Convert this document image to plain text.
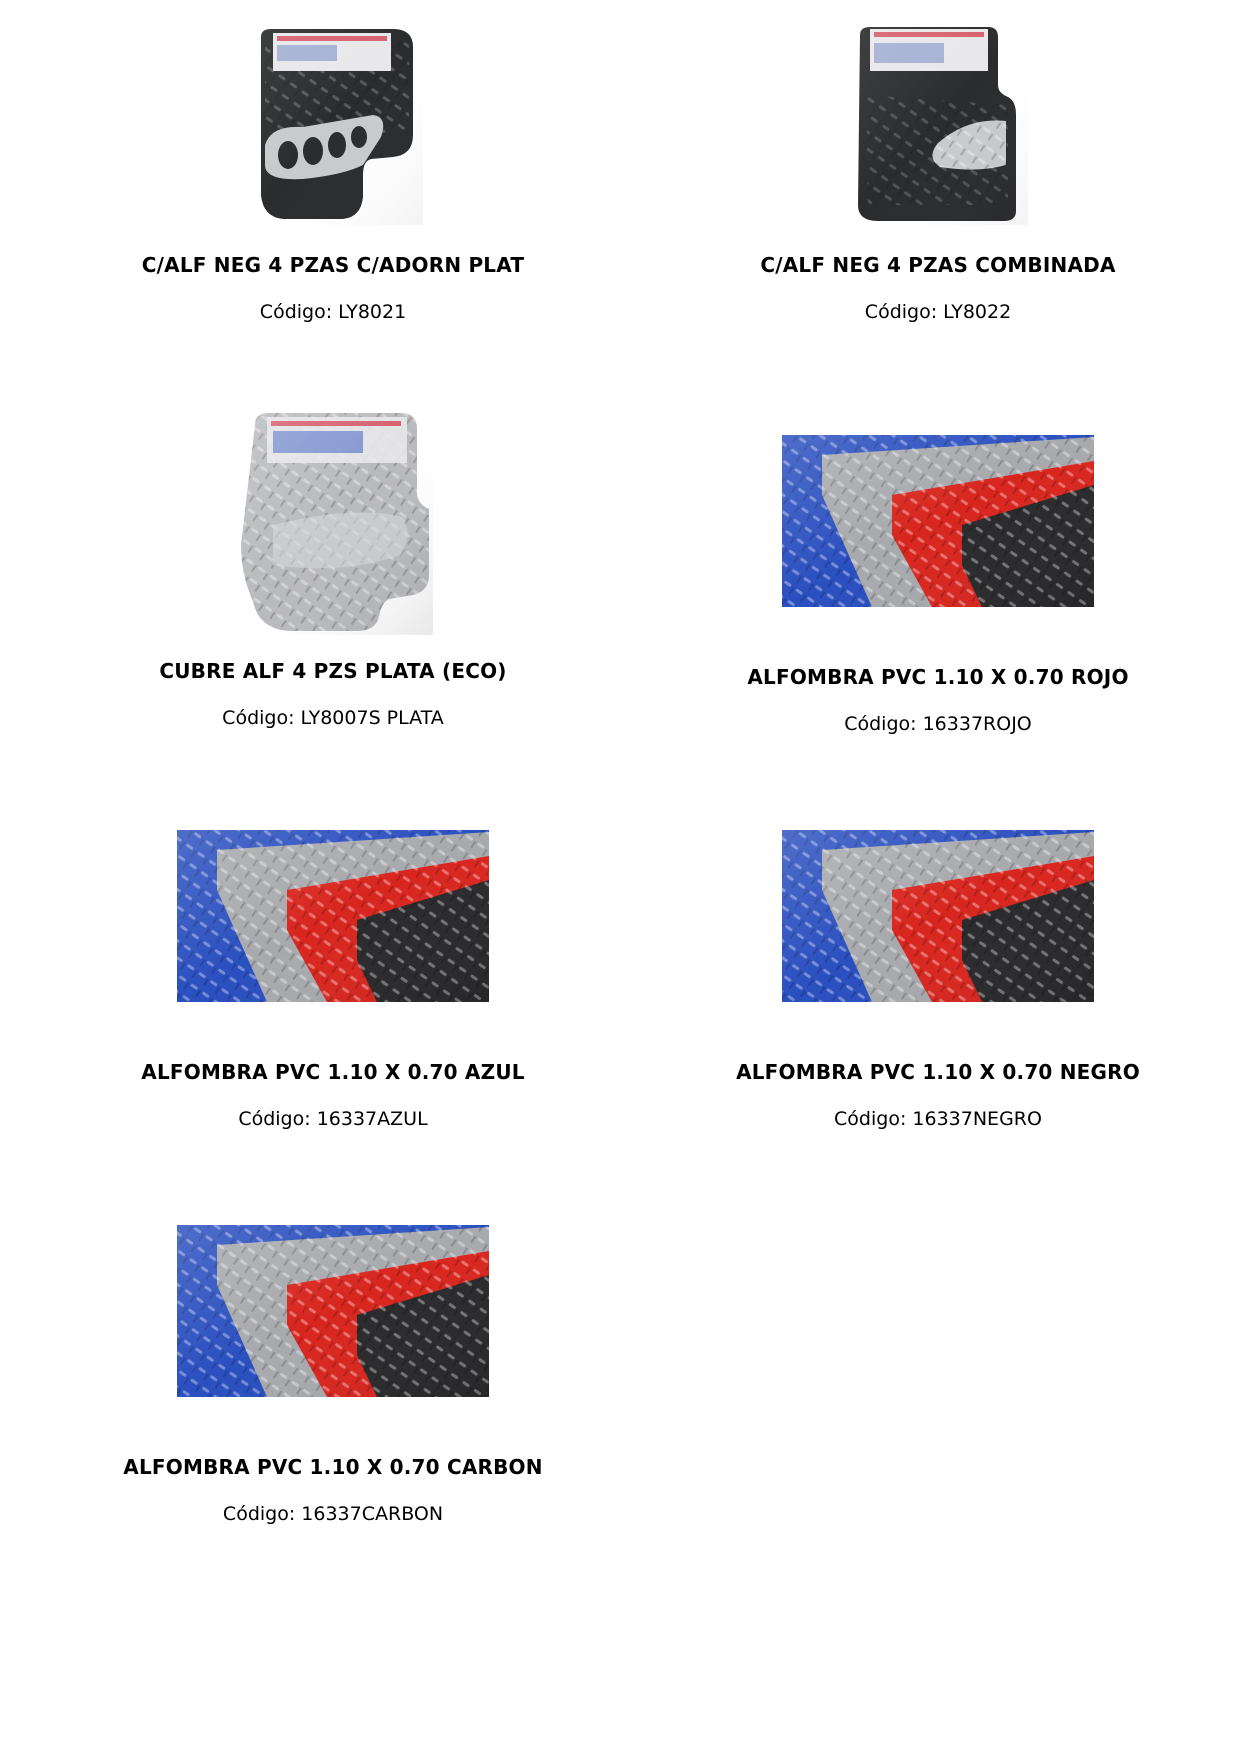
C/ALF NEG 4 PZAS C/ADORN PLAT

Código: LY8021

C/ALF NEG 4 PZAS COMBINADA

Código: LY8022

CUBRE ALF 4 PZS PLATA (ECO)

Código: LY8007S PLATA

ALFOMBRA PVC 1.10 X 0.70 ROJO

Código: 16337ROJO

ALFOMBRA PVC 1.10 X 0.70 AZUL

Código: 16337AZUL

ALFOMBRA PVC 1.10 X 0.70 NEGRO

Código: 16337NEGRO

ALFOMBRA PVC 1.10 X 0.70 CARBON

Código: 16337CARBON
